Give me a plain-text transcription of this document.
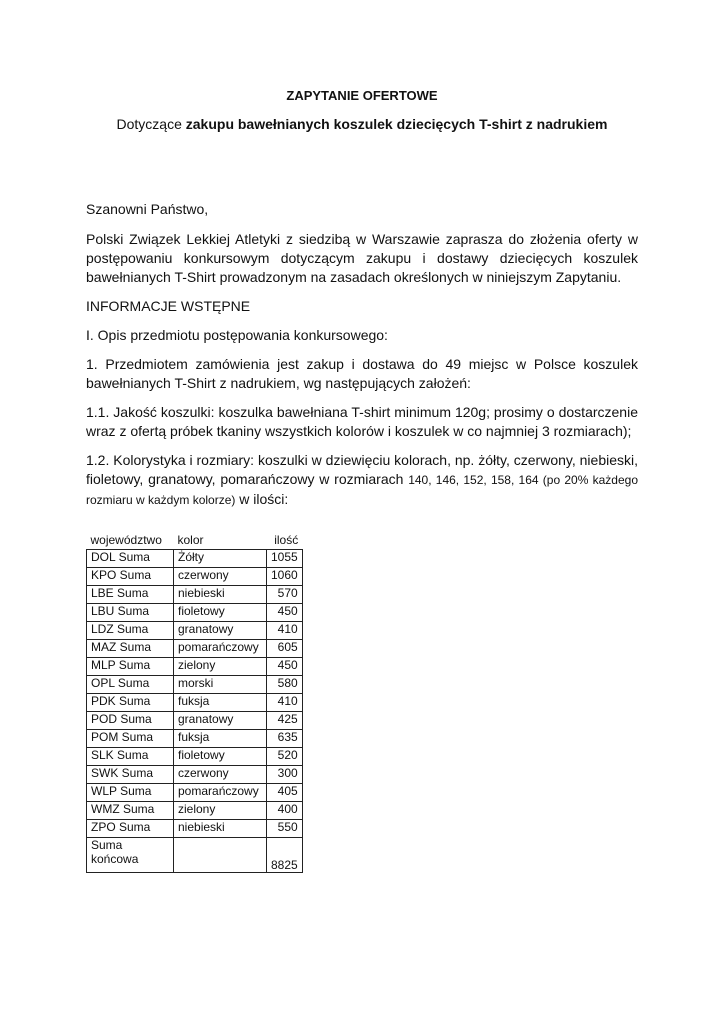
ZAPYTANIE OFERTOWE
Dotyczące zakupu bawełnianych koszulek dziecięcych T-shirt z nadrukiem

Szanowni Państwo,

Polski Związek Lekkiej Atletyki z siedzibą w Warszawie zaprasza do złożenia oferty w postępowaniu konkursowym dotyczącym zakupu i dostawy dziecięcych koszulek bawełnianych T-Shirt prowadzonym na zasadach określonych w niniejszym Zapytaniu.

INFORMACJE WSTĘPNE

I. Opis przedmiotu postępowania konkursowego:

1. Przedmiotem zamówienia jest zakup i dostawa do 49 miejsc w Polsce koszulek bawełnianych T-Shirt z nadrukiem, wg następujących założeń:

1.1. Jakość koszulki: koszulka bawełniana T-shirt minimum 120g; prosimy o dostarczenie wraz z ofertą próbek tkaniny wszystkich kolorów i koszulek w co najmniej 3 rozmiarach);

1.2. Kolorystyka i rozmiary: koszulki w dziewięciu kolorach, np. żółty, czerwony, niebieski, fioletowy, granatowy, pomarańczowy w rozmiarach 140, 146, 152, 158, 164 (po 20% każdego rozmiaru w każdym kolorze) w ilości:

województwo	kolor	ilość
DOL Suma	Żółty	1055
KPO Suma	czerwony	1060
LBE Suma	niebieski	570
LBU Suma	fioletowy	450
LDZ Suma	granatowy	410
MAZ Suma	pomarańczowy	605
MLP Suma	zielony	450
OPL Suma	morski	580
PDK Suma	fuksja	410
POD Suma	granatowy	425
POM Suma	fuksja	635
SLK Suma	fioletowy	520
SWK Suma	czerwony	300
WLP Suma	pomarańczowy	405
WMZ Suma	zielony	400
ZPO Suma	niebieski	550
Suma
końcowa		8825
